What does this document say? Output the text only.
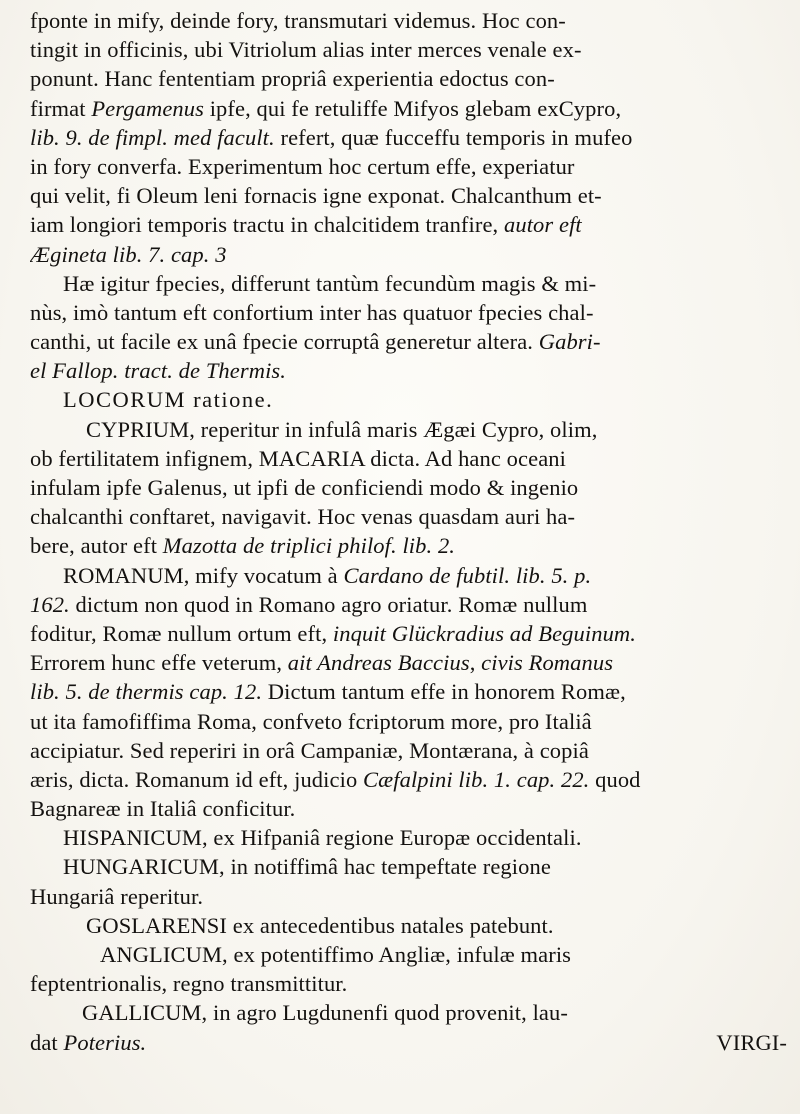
fponte in mify, deinde fory, transmutari videmus. Hoc con-
tingit in officinis, ubi Vitriolum alias inter merces venale ex-
ponunt. Hanc fententiam propriâ experientia edoctus con-
firmat Pergamenus ipfe, qui fe retuliffe Mifyos glebam exCypro,
lib. 9. de fimpl. med facult. refert, quæ fucceffu temporis in mufeo
in fory converfa. Experimentum hoc certum effe, experiatur
qui velit, fi Oleum leni fornacis igne exponat. Chalcanthum et-
iam longiori temporis tractu in chalcitidem tranfire, autor eft
Ægineta lib. 7. cap. 3
Hæ igitur fpecies, differunt tantùm fecundùm magis & mi-
nùs, imò tantum eft confortium inter has quatuor fpecies chal-
canthi, ut facile ex unâ fpecie corruptâ generetur altera. Gabri-
el Fallop. tract. de Thermis.
LOCORUM ratione.
CYPRIUM, reperitur in infulâ maris Ægæi Cypro, olim,
ob fertilitatem infignem, MACARIA dicta. Ad hanc oceani
infulam ipfe Galenus, ut ipfi de conficiendi modo & ingenio
chalcanthi conftaret, navigavit. Hoc venas quasdam auri ha-
bere, autor eft Mazotta de triplici philof. lib. 2.
ROMANUM, mify vocatum à Cardano de fubtil. lib. 5. p.
162. dictum non quod in Romano agro oriatur. Romæ nullum
foditur, Romæ nullum ortum eft, inquit Glückradius ad Beguinum.
Errorem hunc effe veterum, ait Andreas Baccius, civis Romanus
lib. 5. de thermis cap. 12. Dictum tantum effe in honorem Romæ,
ut ita famofiffima Roma, confveto fcriptorum more, pro Italiâ
accipiatur. Sed reperiri in orâ Campaniæ, Montærana, à copiâ
æris, dicta. Romanum id eft, judicio Cæfalpini lib. 1. cap. 22. quod
Bagnareæ in Italiâ conficitur.
HISPANICUM, ex Hifpaniâ regione Europæ occidentali.
HUNGARICUM, in notiffimâ hac tempeftate regione
Hungariâ reperitur.
GOSLARENSI ex antecedentibus natales patebunt.
ANGLICUM, ex potentiffimo Angliæ, infulæ maris
feptentrionalis, regno transmittitur.
GALLICUM, in agro Lugdunenfi quod provenit, lau-
dat Poterius.	VIRGI-
